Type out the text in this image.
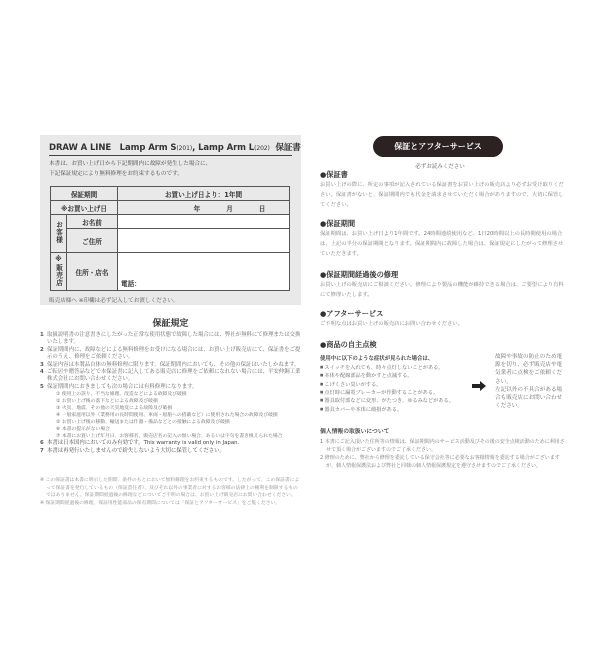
DRAW A LINE Lamp Arm S(201), Lamp Arm L(202) 保証書
本書は、お買い上げ日から下記期間内に故障が発生した場合に、
下記保証規定により無料修理をお約束するものです。
保証期間		お買い上げ日より：1年間
※お買い上げ日		年 月 日
お客様	お名前	
	ご住所	
※販売店	住所・店名	電話：
販売店様へ ※印欄は必ず記入してお渡しください。
保証規定
1 取扱説明書の注意書きにしたがった正常な使用状態で故障した場合には、弊社が無料にて修理または交換いたします。
2 保証期間内に、故障などによる無料修理をお受けになる場合には、お買い上げ販売店にて、保証書をご提示のうえ、修理をご依頼ください。
3 保証内容は本製品自体の無料修理に限ります。保証期間内においても、その他の保証はいたしかねます。
4 ご転居や贈答品などで本保証書に記入してある販売店に修理をご依頼になれない場合には、平安伸銅工業株式会社にお問い合わせください。
5 保証期間内におきましても次の場合には有料修理になります。
① 使用上の誤り、不当な修理、改造などによる故障及び破損
② お買い上げ後の落下などによる故障及び破損
③ 火災、地震、その他の天災地変による故障及び破損
④ 一般家庭用以外（業務用の長時間使用、車両・船舶への搭載など）に使用された場合の故障及び破損
⑤ お買い上げ後の移動、輸送または什器・備品などとの接触による故障及び破損
⑥ 本書の提示がない場合
⑦ 本書にお買い上げ年月日、お客様名、販売店名の記入の無い場合、あるいは字句を書き換えられた場合
6 本書は日本国内においてのみ有効です。This warranty is valid only in Japan.
7 本書は再発行いたしませんので紛失しないよう大切に保管してください。
※ この保証書は本書に明示した期間、条件のもとにおいて無料修理をお約束するものです。したがって、この保証書によって保証書を発行しているもの（保証責任者）、及びそれ以外の事業者に対するお客様の法律上の権利を制限するものではありません。保証期間経過後の修理などについてご不明の場合は、お買い上げ販売店にお問い合わせください。
※ 保証期間経過後の修理、保証用性能部品の保有期間については「保証とアフターサービス」をご覧ください。
保証とアフターサービス
必ずお読みください
●保証書
お買い上げの際に、所定の事項が記入されている保証書をお買い上げの販売店より必ずお受け取りください。保証書がないと、保証期間内でも代金を請求させていただく場合がありますので、大切に保管してください。
●保証期間
保証期間は、お買い上げ日より1年間です。24時間連続使用など、1日20時間以上の長時間使用の場合は、上記の半分の保証期間となります。保証期間内に故障した場合は、保証規定にしたがって修理させていただきます。
●保証期間経過後の修理
お買い上げの販売店にご相談ください。修理により製品の機能が維持できる場合は、ご要望により有料にて修理いたします。
●アフターサービス
ご不明な点はお買い上げの販売店にお問い合わせください。
●商品の自主点検
使用中に以下のような症状が見られた場合は、
■ スイッチを入れても、時々点灯しないことがある。
■ 本体や配線部品を動かすと点滅する。
■ こげくさい臭いがする。
■ 点灯時に漏電ブレーカーが作動することがある。
■ 器具取付部などに変形、がたつき、ゆるみなどがある。
■ 器具カバーや本体に破損がある。
故障や事故の防止のため電源を切り、必ず販売店や電気業者に点検をご依頼ください。
左記以外の不具合がある場合も販売店にお問い合わせください。
個人情報の取扱いについて
1 本書にご記入頂いた住所等の情報は、保証期間内のサービス活動及びその後の安全点検活動のために利用させて頂く場合がございますのでご了承ください。
2 修理のために、弊社から修理を委託している保守会社等に必要なお客様情報を委託する場合がございますが、個人情報保護法および弊社と同様の個人情報保護規定を遵守させますのでご了承ください。
